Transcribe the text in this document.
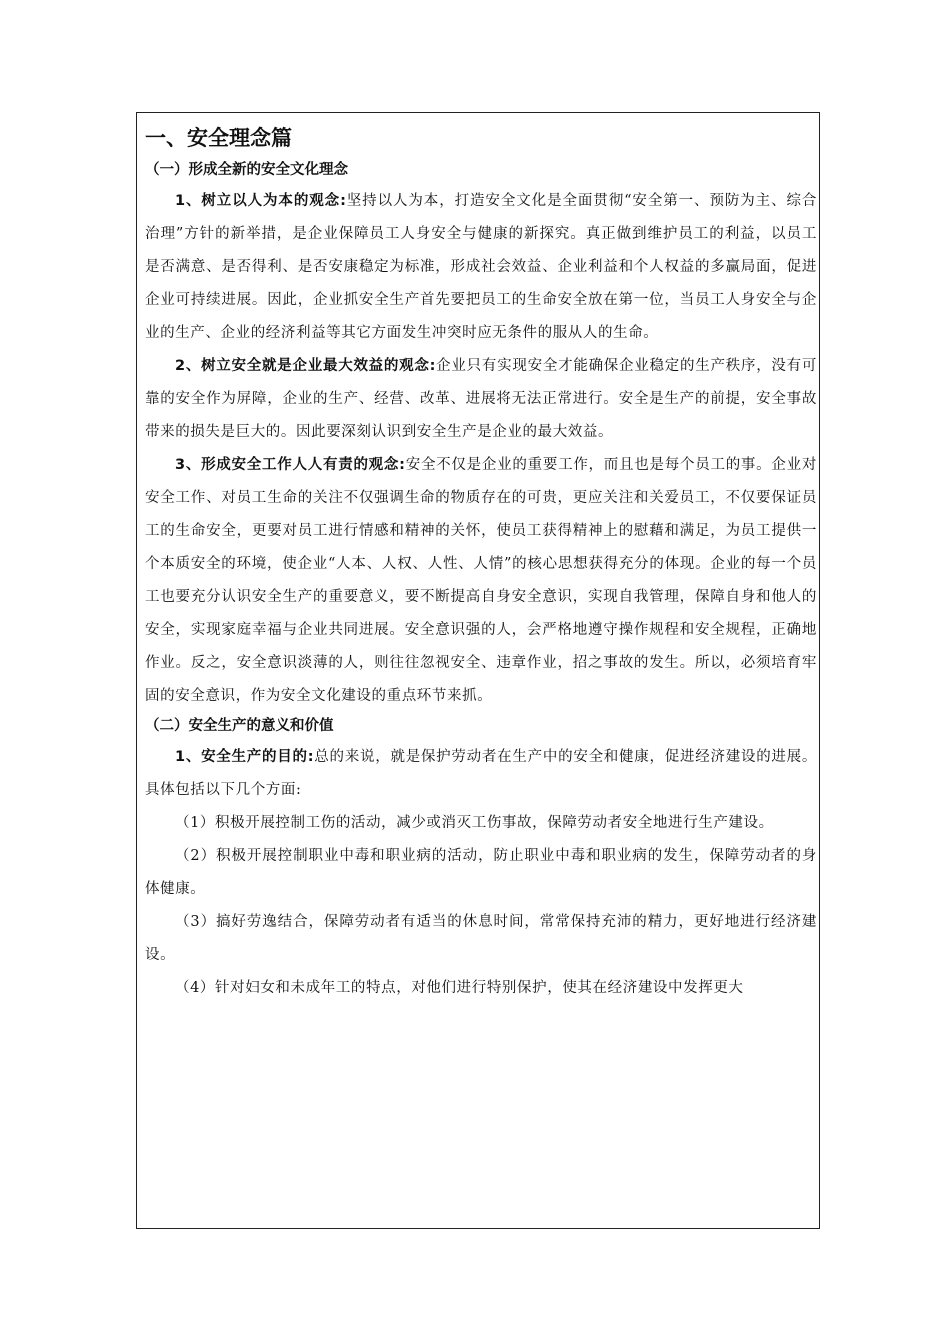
一、安全理念篇
（一）形成全新的安全文化理念

1、树立以人为本的观念:坚持以人为本，打造安全文化是全面贯彻“安全第一、预防为主、综合治理”方针的新举措，是企业保障员工人身安全与健康的新探究。真正做到维护员工的利益，以员工是否满意、是否得利、是否安康稳定为标准，形成社会效益、企业利益和个人权益的多赢局面，促进企业可持续进展。因此，企业抓安全生产首先要把员工的生命安全放在第一位，当员工人身安全与企业的生产、企业的经济利益等其它方面发生冲突时应无条件的服从人的生命。

2、树立安全就是企业最大效益的观念:企业只有实现安全才能确保企业稳定的生产秩序，没有可靠的安全作为屏障，企业的生产、经营、改革、进展将无法正常进行。安全是生产的前提，安全事故带来的损失是巨大的。因此要深刻认识到安全生产是企业的最大效益。

3、形成安全工作人人有责的观念:安全不仅是企业的重要工作，而且也是每个员工的事。企业对安全工作、对员工生命的关注不仅强调生命的物质存在的可贵，更应关注和关爱员工，不仅要保证员工的生命安全，更要对员工进行情感和精神的关怀，使员工获得精神上的慰藉和满足，为员工提供一个本质安全的环境，使企业“人本、人权、人性、人情”的核心思想获得充分的体现。企业的每一个员工也要充分认识安全生产的重要意义，要不断提高自身安全意识，实现自我管理，保障自身和他人的安全，实现家庭幸福与企业共同进展。安全意识强的人，会严格地遵守操作规程和安全规程，正确地作业。反之，安全意识淡薄的人，则往往忽视安全、违章作业，招之事故的发生。所以，必须培育牢固的安全意识，作为安全文化建设的重点环节来抓。

（二）安全生产的意义和价值

1、安全生产的目的:总的来说，就是保护劳动者在生产中的安全和健康，促进经济建设的进展。具体包括以下几个方面:

（1）积极开展控制工伤的活动，减少或消灭工伤事故，保障劳动者安全地进行生产建设。

（2）积极开展控制职业中毒和职业病的活动，防止职业中毒和职业病的发生，保障劳动者的身体健康。

（3）搞好劳逸结合，保障劳动者有适当的休息时间，常常保持充沛的精力，更好地进行经济建设。

（4）针对妇女和未成年工的特点，对他们进行特别保护，使其在经济建设中发挥更大
